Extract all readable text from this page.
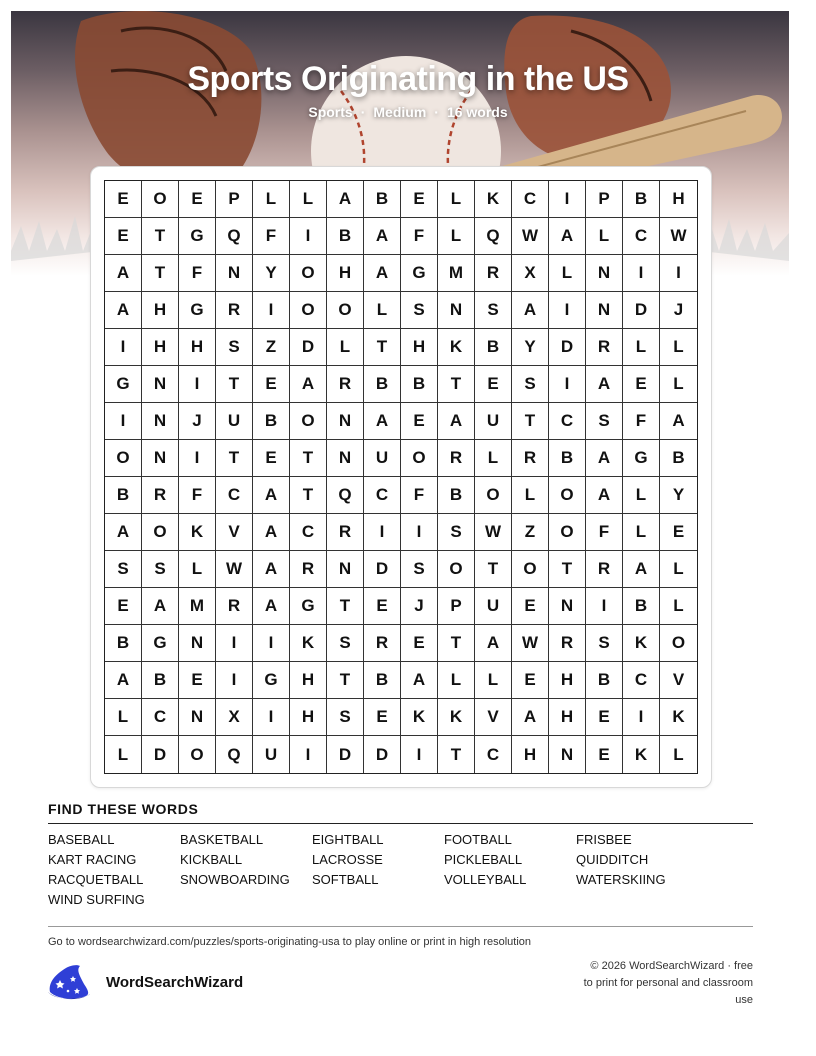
Sports Originating in the US
Sports · Medium · 16 words
E	O	E	P	L	L	A	B	E	L	K	C	I	P	B	H
E	T	G	Q	F	I	B	A	F	L	Q	W	A	L	C	W
A	T	F	N	Y	O	H	A	G	M	R	X	L	N	I	I
A	H	G	R	I	O	O	L	S	N	S	A	I	N	D	J
I	H	H	S	Z	D	L	T	H	K	B	Y	D	R	L	L
G	N	I	T	E	A	R	B	B	T	E	S	I	A	E	L
I	N	J	U	B	O	N	A	E	A	U	T	C	S	F	A
O	N	I	T	E	T	N	U	O	R	L	R	B	A	G	B
B	R	F	C	A	T	Q	C	F	B	O	L	O	A	L	Y
A	O	K	V	A	C	R	I	I	S	W	Z	O	F	L	E
S	S	L	W	A	R	N	D	S	O	T	O	T	R	A	L
E	A	M	R	A	G	T	E	J	P	U	E	N	I	B	L
B	G	N	I	I	K	S	R	E	T	A	W	R	S	K	O
A	B	E	I	G	H	T	B	A	L	L	E	H	B	C	V
L	C	N	X	I	H	S	E	K	K	V	A	H	E	I	K
L	D	O	Q	U	I	D	D	I	T	C	H	N	E	K	L
FIND THESE WORDS
BASEBALL	BASKETBALL	EIGHTBALL	FOOTBALL	FRISBEE
KART RACING	KICKBALL	LACROSSE	PICKLEBALL	QUIDDITCH
RACQUETBALL	SNOWBOARDING	SOFTBALL	VOLLEYBALL	WATERSKIING
WIND SURFING
Go to wordsearchwizard.com/puzzles/sports-originating-usa to play online or print in high resolution
WordSearchWizard
© 2026 WordSearchWizard · free to print for personal and classroom use
